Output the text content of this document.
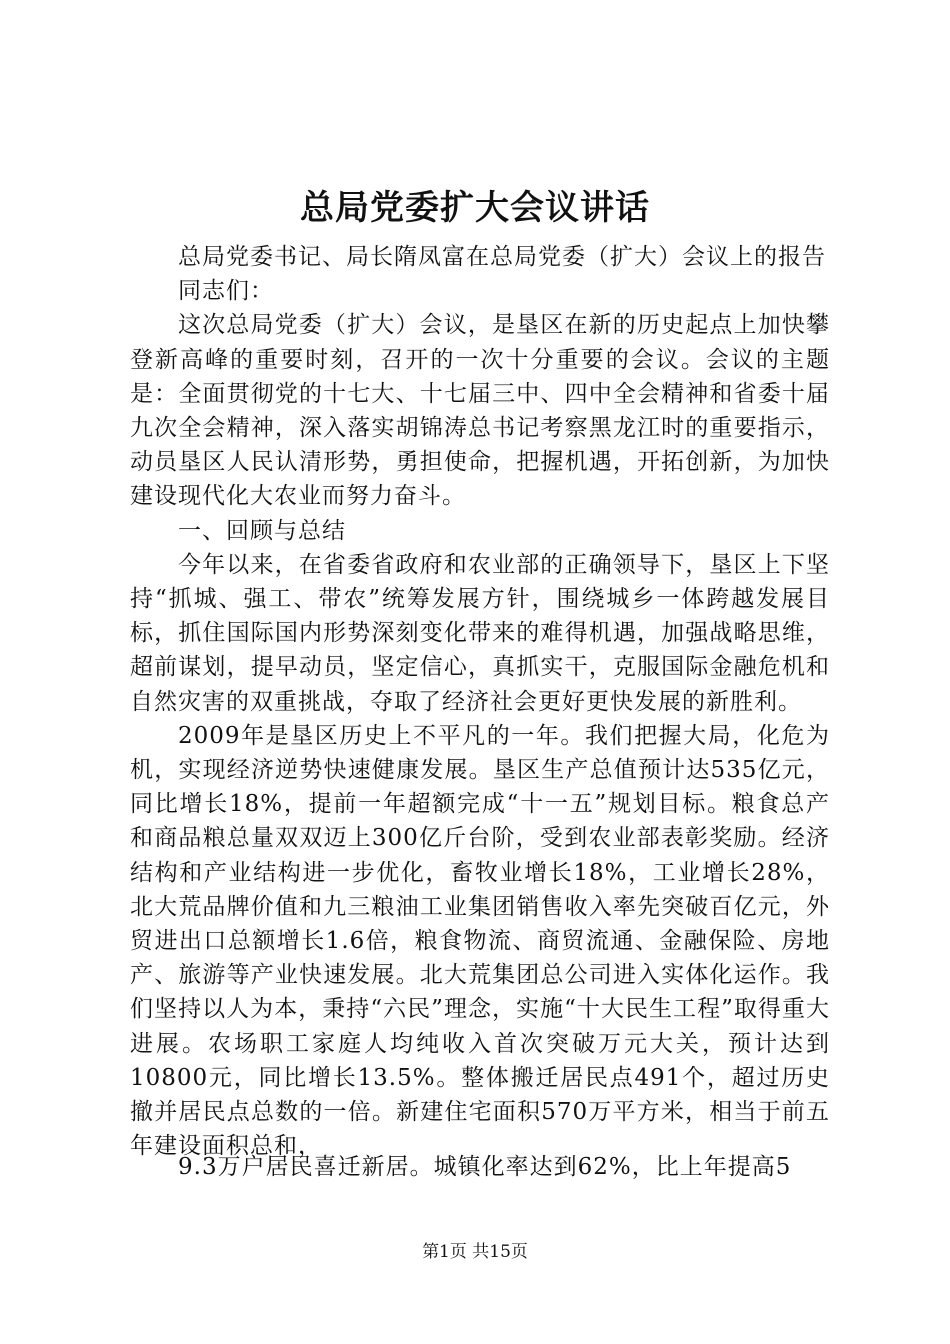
总局党委扩大会议讲话

总局党委书记、局长隋凤富在总局党委（扩大）会议上的报告

同志们：

这次总局党委（扩大）会议，是垦区在新的历史起点上加快攀登新高峰的重要时刻，召开的一次十分重要的会议。会议的主题是：全面贯彻党的十七大、十七届三中、四中全会精神和省委十届九次全会精神，深入落实胡锦涛总书记考察黑龙江时的重要指示，动员垦区人民认清形势，勇担使命，把握机遇，开拓创新，为加快建设现代化大农业而努力奋斗。

一、回顾与总结

今年以来，在省委省政府和农业部的正确领导下，垦区上下坚持“抓城、强工、带农”统筹发展方针，围绕城乡一体跨越发展目标，抓住国际国内形势深刻变化带来的难得机遇，加强战略思维，超前谋划，提早动员，坚定信心，真抓实干，克服国际金融危机和自然灾害的双重挑战，夺取了经济社会更好更快发展的新胜利。

2009年是垦区历史上不平凡的一年。我们把握大局，化危为机，实现经济逆势快速健康发展。垦区生产总值预计达535亿元，同比增长18%，提前一年超额完成“十一五”规划目标。粮食总产和商品粮总量双双迈上300亿斤台阶，受到农业部表彰奖励。经济结构和产业结构进一步优化，畜牧业增长18%，工业增长28%，北大荒品牌价值和九三粮油工业集团销售收入率先突破百亿元，外贸进出口总额增长1.6倍，粮食物流、商贸流通、金融保险、房地产、旅游等产业快速发展。北大荒集团总公司进入实体化运作。我们坚持以人为本，秉持“六民”理念，实施“十大民生工程”取得重大进展。农场职工家庭人均纯收入首次突破万元大关，预计达到10800元，同比增长13.5%。整体搬迁居民点491个，超过历史撤并居民点总数的一倍。新建住宅面积570万平方米，相当于前五年建设面积总和，

9.3万户居民喜迁新居。城镇化率达到62%，比上年提高5
第1页 共15页
